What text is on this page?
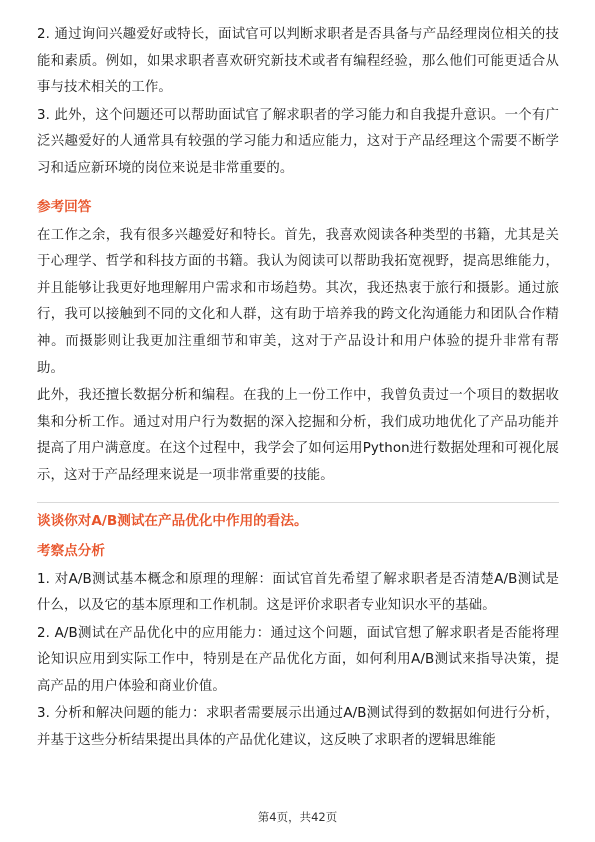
2. 通过询问兴趣爱好或特长，面试官可以判断求职者是否具备与产品经理岗位相关的技能和素质。例如，如果求职者喜欢研究新技术或者有编程经验，那么他们可能更适合从事与技术相关的工作。

3. 此外，这个问题还可以帮助面试官了解求职者的学习能力和自我提升意识。一个有广泛兴趣爱好的人通常具有较强的学习能力和适应能力，这对于产品经理这个需要不断学习和适应新环境的岗位来说是非常重要的。

参考回答

在工作之余，我有很多兴趣爱好和特长。首先，我喜欢阅读各种类型的书籍，尤其是关于心理学、哲学和科技方面的书籍。我认为阅读可以帮助我拓宽视野，提高思维能力，并且能够让我更好地理解用户需求和市场趋势。其次，我还热衷于旅行和摄影。通过旅行，我可以接触到不同的文化和人群，这有助于培养我的跨文化沟通能力和团队合作精神。而摄影则让我更加注重细节和审美，这对于产品设计和用户体验的提升非常有帮助。

此外，我还擅长数据分析和编程。在我的上一份工作中，我曾负责过一个项目的数据收集和分析工作。通过对用户行为数据的深入挖掘和分析，我们成功地优化了产品功能并提高了用户满意度。在这个过程中，我学会了如何运用Python进行数据处理和可视化展示，这对于产品经理来说是一项非常重要的技能。

谈谈你对A/B测试在产品优化中作用的看法。
考察点分析

1. 对A/B测试基本概念和原理的理解：面试官首先希望了解求职者是否清楚A/B测试是什么，以及它的基本原理和工作机制。这是评价求职者专业知识水平的基础。

2. A/B测试在产品优化中的应用能力：通过这个问题，面试官想了解求职者是否能将理论知识应用到实际工作中，特别是在产品优化方面，如何利用A/B测试来指导决策，提高产品的用户体验和商业价值。

3. 分析和解决问题的能力：求职者需要展示出通过A/B测试得到的数据如何进行分析，并基于这些分析结果提出具体的产品优化建议，这反映了求职者的逻辑思维能

第4页，共42页
